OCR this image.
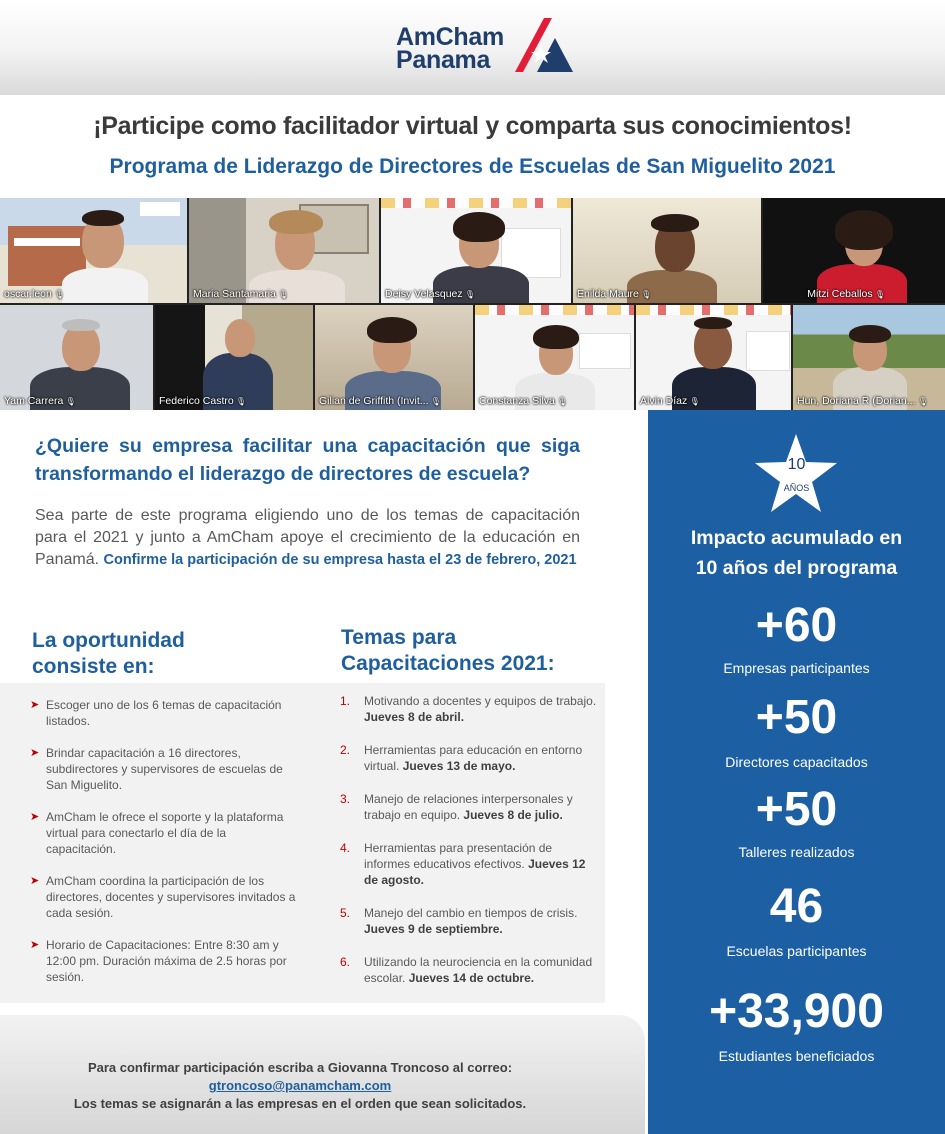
AmCham
Panama
¡Participe como facilitador virtual y comparta sus conocimientos!
Programa de Liderazgo de Directores de Escuelas de San Miguelito 2021
oscar.leon 🎙	Maria Santamaria 🎙	Deisy Velasquez 🎙	Enilda Maure 🎙	Mitzi Ceballos 🎙
Yam Carrera 🎙	Federico Castro 🎙	Gilian de Griffith (Invit... 🎙	Constanza Silva 🎙	Alvin Díaz 🎙	Hun, Doriana R (Dorian... 🎙
¿Quiere su empresa facilitar una capacitación que siga transformando el liderazgo de directores de escuela?
Sea parte de este programa eligiendo uno de los temas de capacitación para el 2021 y junto a AmCham apoye el crecimiento de la educación en Panamá. Confirme la participación de su empresa hasta el 23 de febrero, 2021
La oportunidad
consiste en:
➤ Escoger uno de los 6 temas de capacitación listados.
➤ Brindar capacitación a 16 directores, subdirectores y supervisores de escuelas de San Miguelito.
➤ AmCham le ofrece el soporte y la plataforma virtual para conectarlo el día de la capacitación.
➤ AmCham coordina la participación de los directores, docentes y supervisores invitados a cada sesión.
➤ Horario de Capacitaciones: Entre 8:30 am y 12:00 pm. Duración máxima de 2.5 horas por sesión.
Temas para
Capacitaciones 2021:
1. Motivando a docentes y equipos de trabajo. Jueves 8 de abril.
2. Herramientas para educación en entorno virtual. Jueves 13 de mayo.
3. Manejo de relaciones interpersonales y trabajo en equipo. Jueves 8 de julio.
4. Herramientas para presentación de informes educativos efectivos. Jueves 12 de agosto.
5. Manejo del cambio en tiempos de crisis. Jueves 9 de septiembre.
6. Utilizando la neurociencia en la comunidad escolar. Jueves 14 de octubre.
Para confirmar participación escriba a Giovanna Troncoso al correo:
gtroncoso@panamcham.com
Los temas se asignarán a las empresas en el orden que sean solicitados.
10
AÑOS
Impacto acumulado en
10 años del programa
+60
Empresas participantes
+50
Directores capacitados
+50
Talleres realizados
46
Escuelas participantes
+33,900
Estudiantes beneficiados
